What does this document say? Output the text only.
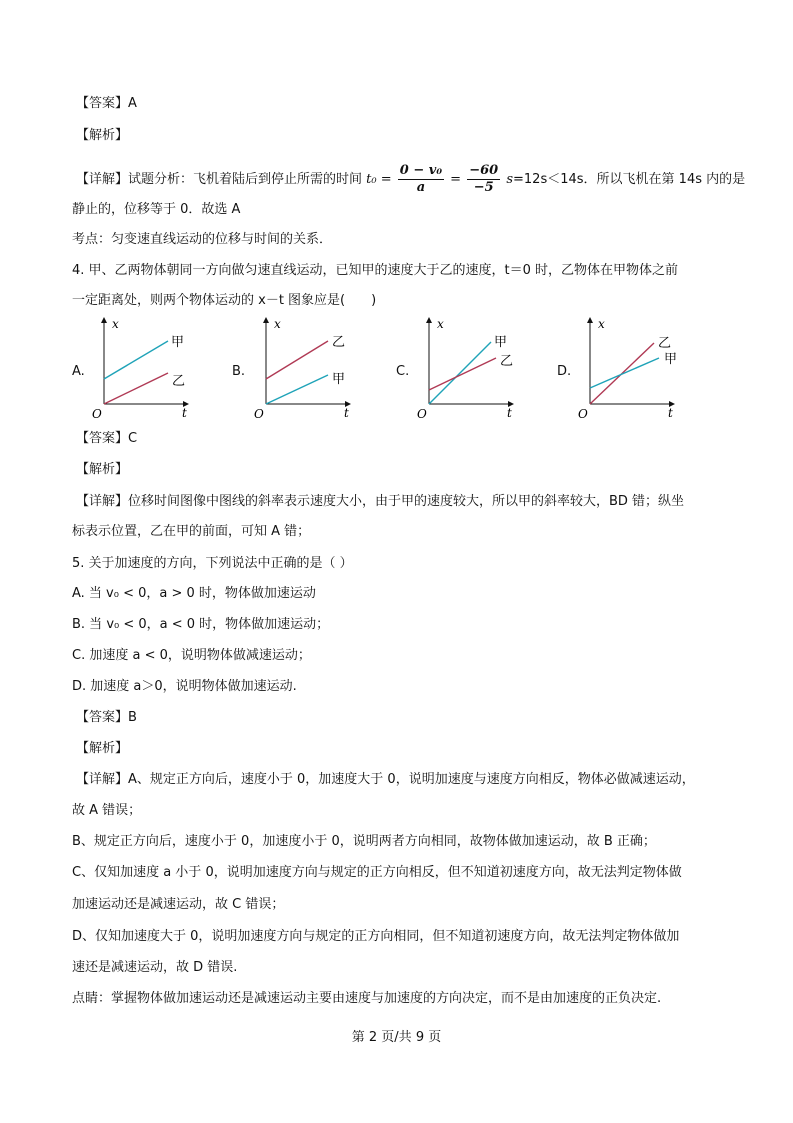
【答案】A
【解析】
【详解】试题分析：飞机着陆后到停止所需的时间 $t_0 = \frac{\text{0 − v₀}}{a} = \frac{-60}{-5} s=12s<14s$．所以飞机在第 14s 内的是
静止的，位移等于 0．故选 A
考点：匀变速直线运动的位移与时间的关系．
4. 甲、乙两物体朝同一方向做匀速直线运动，已知甲的速度大于乙的速度，t＝0 时，乙物体在甲物体之前
一定距离处，则两个物体运动的 x－t 图象应是(　　)
A.	B.	C.	D.
x
t
O
甲
乙
x
t
O
乙
甲
x
t
O
甲
乙
x
t
O
乙
甲
【答案】C
【解析】
【详解】位移时间图像中图线的斜率表示速度大小，由于甲的速度较大，所以甲的斜率较大，BD 错；纵坐
标表示位置，乙在甲的前面，可知 A 错；
5. 关于加速度的方向，下列说法中正确的是（ ）
A. 当 v₀ < 0，a > 0 时，物体做加速运动
B. 当 v₀ < 0，a < 0 时，物体做加速运动；
C. 加速度 a < 0，说明物体做减速运动；
D. 加速度 a＞0，说明物体做加速运动.
【答案】B
【解析】
【详解】A、规定正方向后，速度小于 0，加速度大于 0，说明加速度与速度方向相反，物体必做减速运动，
故 A 错误；
B、规定正方向后，速度小于 0，加速度小于 0，说明两者方向相同，故物体做加速运动，故 B 正确；
C、仅知加速度 a 小于 0，说明加速度方向与规定的正方向相反，但不知道初速度方向，故无法判定物体做
加速运动还是减速运动，故 C 错误；
D、仅知加速度大于 0，说明加速度方向与规定的正方向相同，但不知道初速度方向，故无法判定物体做加
速还是减速运动，故 D 错误.
点睛：掌握物体做加速运动还是减速运动主要由速度与加速度的方向决定，而不是由加速度的正负决定.
第 2 页/共 9 页
